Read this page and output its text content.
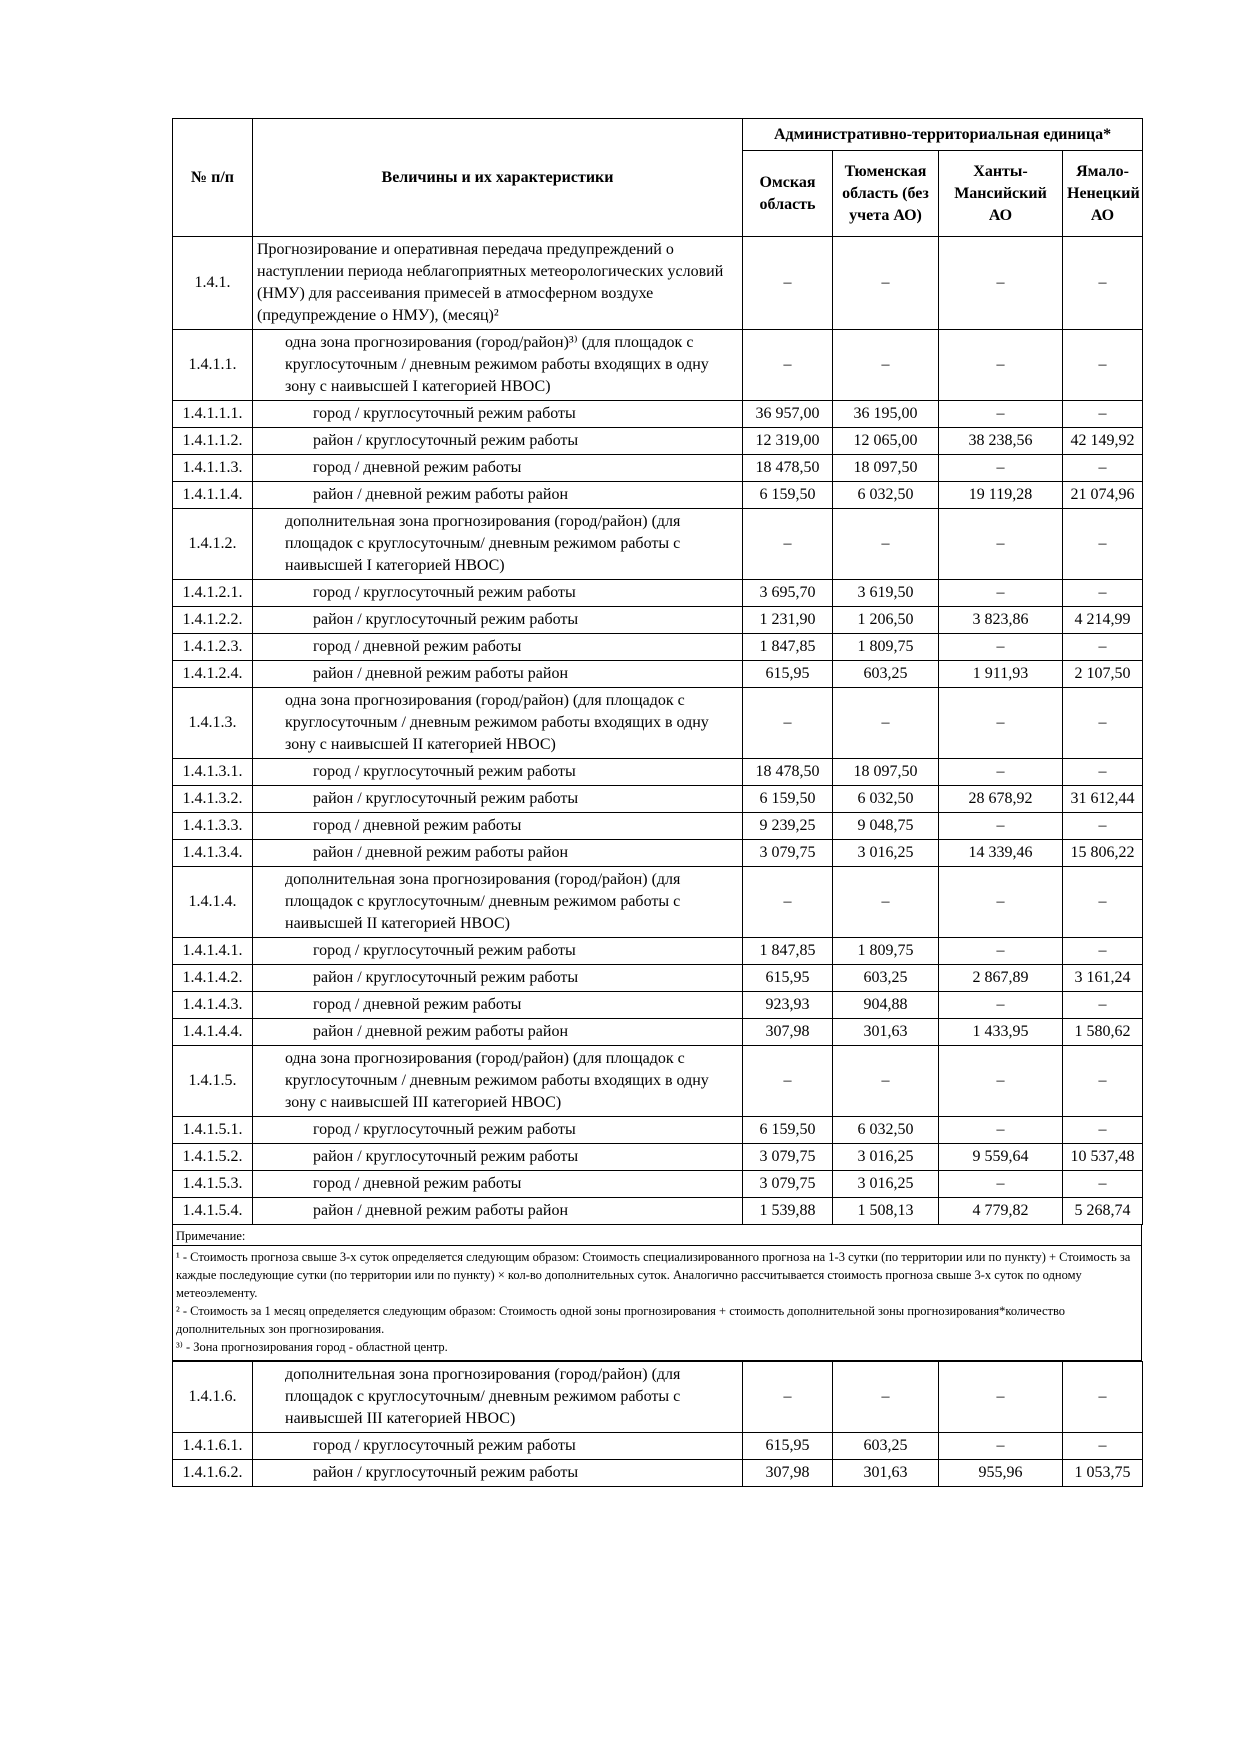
№ п/п	Величины и их характеристики	Административно-территориальная единица*			
		Омская область	Тюменская область (без учета АО)	Ханты-Мансийский АО	Ямало-Ненецкий АО
1.4.1.	Прогнозирование и оперативная передача предупреждений о наступлении периода неблагоприятных метеорологических условий (НМУ) для рассеивания примесей в атмосферном воздухе (предупреждение о НМУ), (месяц)²	–	–	–	–
1.4.1.1.	одна зона прогнозирования (город/район)³⁾ (для площадок с круглосуточным / дневным режимом работы входящих в одну зону с наивысшей I категорией НВОС)	–	–	–	–
1.4.1.1.1.	город / круглосуточный режим работы	36 957,00	36 195,00	–	–
1.4.1.1.2.	район / круглосуточный режим работы	12 319,00	12 065,00	38 238,56	42 149,92
1.4.1.1.3.	город / дневной режим работы	18 478,50	18 097,50	–	–
1.4.1.1.4.	район / дневной режим работы район	6 159,50	6 032,50	19 119,28	21 074,96
1.4.1.2.	дополнительная зона прогнозирования (город/район) (для площадок с круглосуточным/ дневным режимом работы с наивысшей I категорией НВОС)	–	–	–	–
1.4.1.2.1.	город / круглосуточный режим работы	3 695,70	3 619,50	–	–
1.4.1.2.2.	район / круглосуточный режим работы	1 231,90	1 206,50	3 823,86	4 214,99
1.4.1.2.3.	город / дневной режим работы	1 847,85	1 809,75	–	–
1.4.1.2.4.	район / дневной режим работы район	615,95	603,25	1 911,93	2 107,50
1.4.1.3.	одна зона прогнозирования (город/район) (для площадок с круглосуточным / дневным режимом работы входящих в одну зону с наивысшей II категорией НВОС)	–	–	–	–
1.4.1.3.1.	город / круглосуточный режим работы	18 478,50	18 097,50	–	–
1.4.1.3.2.	район / круглосуточный режим работы	6 159,50	6 032,50	28 678,92	31 612,44
1.4.1.3.3.	город / дневной режим работы	9 239,25	9 048,75	–	–
1.4.1.3.4.	район / дневной режим работы район	3 079,75	3 016,25	14 339,46	15 806,22
1.4.1.4.	дополнительная зона прогнозирования (город/район) (для площадок с круглосуточным/ дневным режимом работы с наивысшей II категорией НВОС)	–	–	–	–
1.4.1.4.1.	город / круглосуточный режим работы	1 847,85	1 809,75	–	–
1.4.1.4.2.	район / круглосуточный режим работы	615,95	603,25	2 867,89	3 161,24
1.4.1.4.3.	город / дневной режим работы	923,93	904,88	–	–
1.4.1.4.4.	район / дневной режим работы район	307,98	301,63	1 433,95	1 580,62
1.4.1.5.	одна зона прогнозирования (город/район) (для площадок с круглосуточным / дневным режимом работы входящих в одну зону с наивысшей III категорией НВОС)	–	–	–	–
1.4.1.5.1.	город / круглосуточный режим работы	6 159,50	6 032,50	–	–
1.4.1.5.2.	район / круглосуточный режим работы	3 079,75	3 016,25	9 559,64	10 537,48
1.4.1.5.3.	город / дневной режим работы	3 079,75	3 016,25	–	–
1.4.1.5.4.	район / дневной режим работы район	1 539,88	1 508,13	4 779,82	5 268,74
Примечание:

¹ - Стоимость прогноза свыше 3-х суток определяется следующим образом: Стоимость специализированного прогноза на 1-3 сутки (по территории или по пункту) + Стоимость за каждые последующие сутки (по территории или по пункту) × кол-во дополнительных суток. Аналогично рассчитывается стоимость прогноза свыше 3-х суток по одному метеоэлементу.

² - Стоимость за 1 месяц определяется следующим образом: Стоимость одной зоны прогнозирования + стоимость дополнительной зоны прогнозирования*количество дополнительных зон прогнозирования.

³⁾ - Зона прогнозирования город - областной центр.

1.4.1.6.	дополнительная зона прогнозирования (город/район) (для площадок с круглосуточным/ дневным режимом работы с наивысшей III категорией НВОС)	–	–	–	–
1.4.1.6.1.	город / круглосуточный режим работы	615,95	603,25	–	–
1.4.1.6.2.	район / круглосуточный режим работы	307,98	301,63	955,96	1 053,75
